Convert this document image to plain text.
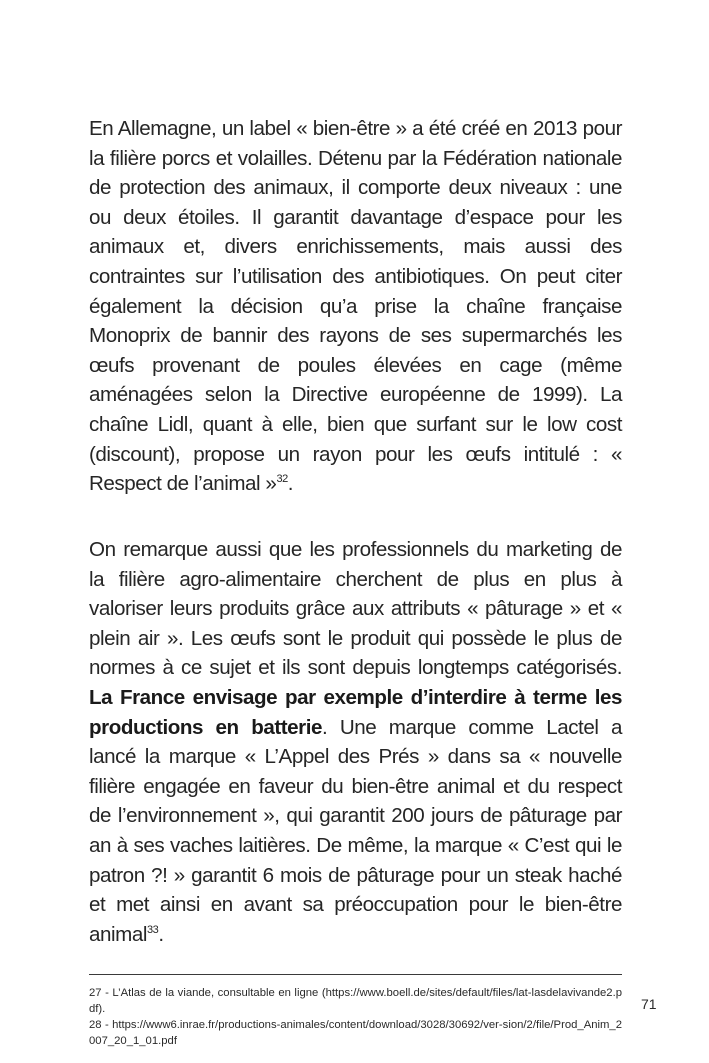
En Allemagne, un label « bien-être » a été créé en 2013 pour la filière porcs et volailles. Détenu par la Fédération nationale de protection des animaux, il comporte deux niveaux : une ou deux étoiles. Il garantit davantage d’espace pour les animaux et, divers enrichissements, mais aussi des contraintes sur l’utilisation des antibiotiques. On peut citer également la décision qu’a prise la chaîne française Monoprix de bannir des rayons de ses supermarchés les œufs provenant de poules élevées en cage (même aménagées selon la Directive européenne de 1999). La chaîne Lidl, quant à elle, bien que surfant sur le low cost (discount), propose un rayon pour les œufs intitulé : « Respect de l’animal »$^{32}$.

On remarque aussi que les professionnels du marketing de la filière agro-alimentaire cherchent de plus en plus à valoriser leurs produits grâce aux attributs « pâturage » et « plein air ». Les œufs sont le produit qui possède le plus de normes à ce sujet et ils sont depuis longtemps catégorisés. La France envisage par exemple d’interdire à terme les productions en batterie. Une marque comme Lactel a lancé la marque « L’Appel des Prés » dans sa « nouvelle filière engagée en faveur du bien-être animal et du respect de l’environnement », qui garantit 200 jours de pâturage par an à ses vaches laitières. De même, la marque « C’est qui le patron ?! » garantit 6 mois de pâturage pour un steak haché et met ainsi en avant sa préoccupation pour le bien-être animal$^{33}$.

27 - L’Atlas de la viande, consultable en ligne (https://www.boell.de/sites/default/files/lat-lasdelavivande2.pdf).

28 - https://www6.inrae.fr/productions-animales/content/download/3028/30692/ver-sion/2/file/Prod_Anim_2007_20_1_01.pdf

71
